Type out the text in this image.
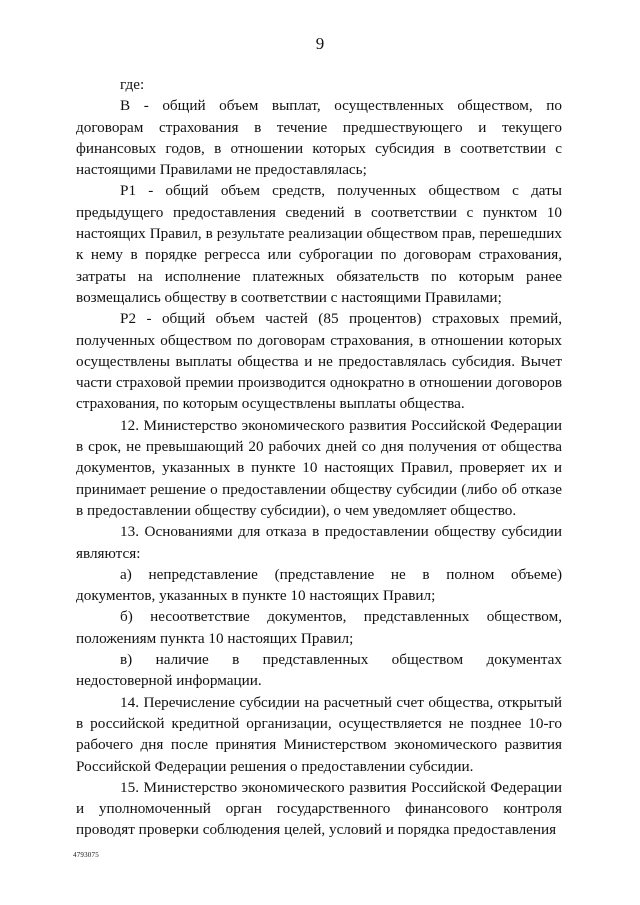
9

где:

В - общий объем выплат, осуществленных обществом, по договорам страхования в течение предшествующего и текущего финансовых годов, в отношении которых субсидия в соответствии с настоящими Правилами не предоставлялась;

Р1 - общий объем средств, полученных обществом с даты предыдущего предоставления сведений в соответствии с пунктом 10 настоящих Правил, в результате реализации обществом прав, перешедших к нему в порядке регресса или суброгации по договорам страхования, затраты на исполнение платежных обязательств по которым ранее возмещались обществу в соответствии с настоящими Правилами;

Р2 - общий объем частей (85 процентов) страховых премий, полученных обществом по договорам страхования, в отношении которых осуществлены выплаты общества и не предоставлялась субсидия. Вычет части страховой премии производится однократно в отношении договоров страхования, по которым осуществлены выплаты общества.

12. Министерство экономического развития Российской Федерации в срок, не превышающий 20 рабочих дней со дня получения от общества документов, указанных в пункте 10 настоящих Правил, проверяет их и принимает решение о предоставлении обществу субсидии (либо об отказе в предоставлении обществу субсидии), о чем уведомляет общество.

13. Основаниями для отказа в предоставлении обществу субсидии являются:

а) непредставление (представление не в полном объеме) документов, указанных в пункте 10 настоящих Правил;

б) несоответствие документов, представленных обществом, положениям пункта 10 настоящих Правил;

в) наличие в представленных обществом документах недостоверной информации.

14. Перечисление субсидии на расчетный счет общества, открытый в российской кредитной организации, осуществляется не позднее 10-го рабочего дня после принятия Министерством экономического развития Российской Федерации решения о предоставлении субсидии.

15. Министерство экономического развития Российской Федерации и уполномоченный орган государственного финансового контроля проводят проверки соблюдения целей, условий и порядка предоставления

4793075
